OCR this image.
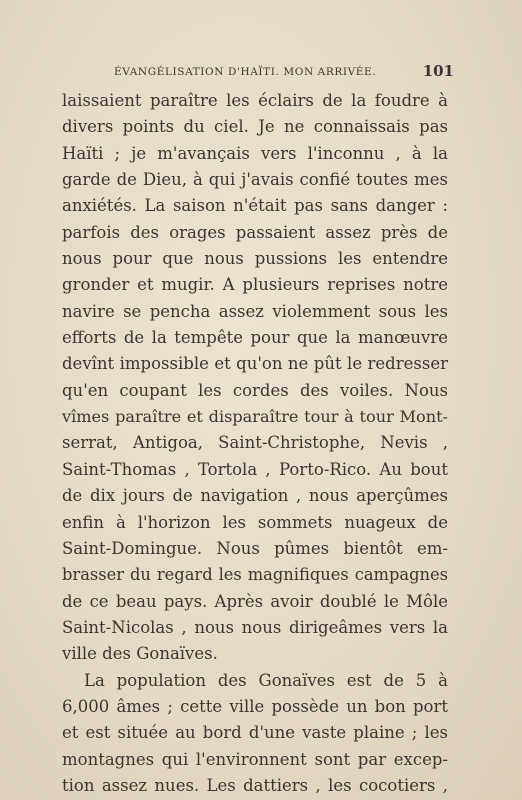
ÉVANGÉLISATION D'HAÏTI. MON ARRIVÉE.	101
laissaient paraître les éclairs de la foudre à
divers points du ciel. Je ne connaissais pas
Haïti ; je m'avançais vers l'inconnu , à la
garde de Dieu, à qui j'avais confié toutes mes
anxiétés. La saison n'était pas sans danger :
parfois des orages passaient assez près de
nous pour que nous pussions les entendre
gronder et mugir. A plusieurs reprises notre
navire se pencha assez violemment sous les
efforts de la tempête pour que la manœuvre
devînt impossible et qu'on ne pût le redresser
qu'en coupant les cordes des voiles. Nous
vîmes paraître et disparaître tour à tour Mont-
serrat, Antigoa, Saint-Christophe, Nevis ,
Saint-Thomas , Tortola , Porto-Rico. Au bout
de dix jours de navigation , nous aperçûmes
enfin à l'horizon les sommets nuageux de
Saint-Domingue. Nous pûmes bientôt em-
brasser du regard les magnifiques campagnes
de ce beau pays. Après avoir doublé le Môle
Saint-Nicolas , nous nous dirigeâmes vers la
ville des Gonaïves.
La population des Gonaïves est de 5 à
6,000 âmes ; cette ville possède un bon port
et est située au bord d'une vaste plaine ; les
montagnes qui l'environnent sont par excep-
tion assez nues. Les dattiers , les cocotiers ,
